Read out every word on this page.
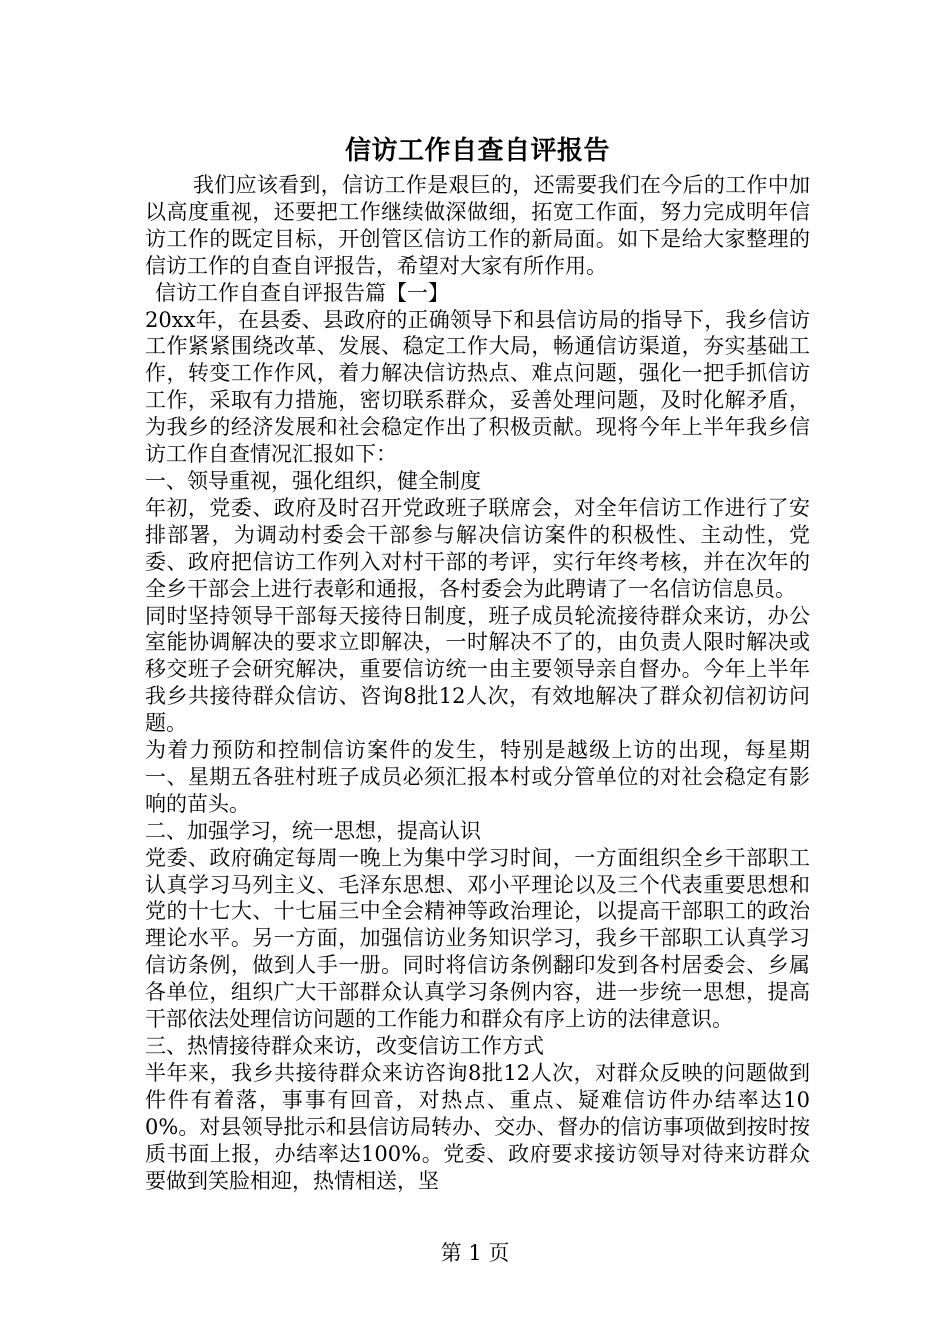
信访工作自查自评报告

我们应该看到，信访工作是艰巨的，还需要我们在今后的工作中加以高度重视，还要把工作继续做深做细，拓宽工作面，努力完成明年信访工作的既定目标，开创管区信访工作的新局面。如下是给大家整理的信访工作的自查自评报告，希望对大家有所作用。

信访工作自查自评报告篇【一】

20xx年，在县委、县政府的正确领导下和县信访局的指导下，我乡信访工作紧紧围绕改革、发展、稳定工作大局，畅通信访渠道，夯实基础工作，转变工作作风，着力解决信访热点、难点问题，强化一把手抓信访工作，采取有力措施，密切联系群众，妥善处理问题，及时化解矛盾，为我乡的经济发展和社会稳定作出了积极贡献。现将今年上半年我乡信访工作自查情况汇报如下：

一、领导重视，强化组织，健全制度

年初，党委、政府及时召开党政班子联席会，对全年信访工作进行了安排部署，为调动村委会干部参与解决信访案件的积极性、主动性，党委、政府把信访工作列入对村干部的考评，实行年终考核，并在次年的全乡干部会上进行表彰和通报，各村委会为此聘请了一名信访信息员。

同时坚持领导干部每天接待日制度，班子成员轮流接待群众来访，办公室能协调解决的要求立即解决，一时解决不了的，由负责人限时解决或移交班子会研究解决，重要信访统一由主要领导亲自督办。今年上半年我乡共接待群众信访、咨询8批12人次，有效地解决了群众初信初访问题。

为着力预防和控制信访案件的发生，特别是越级上访的出现，每星期一、星期五各驻村班子成员必须汇报本村或分管单位的对社会稳定有影响的苗头。

二、加强学习，统一思想，提高认识

党委、政府确定每周一晚上为集中学习时间，一方面组织全乡干部职工认真学习马列主义、毛泽东思想、邓小平理论以及三个代表重要思想和党的十七大、十七届三中全会精神等政治理论，以提高干部职工的政治理论水平。另一方面，加强信访业务知识学习，我乡干部职工认真学习信访条例，做到人手一册。同时将信访条例翻印发到各村居委会、乡属各单位，组织广大干部群众认真学习条例内容，进一步统一思想，提高干部依法处理信访问题的工作能力和群众有序上访的法律意识。

三、热情接待群众来访，改变信访工作方式

半年来，我乡共接待群众来访咨询8批12人次，对群众反映的问题做到件件有着落，事事有回音，对热点、重点、疑难信访件办结率达100%。对县领导批示和县信访局转办、交办、督办的信访事项做到按时按质书面上报，办结率达100%。党委、政府要求接访领导对待来访群众要做到笑脸相迎，热情相送，坚

第 1 页
